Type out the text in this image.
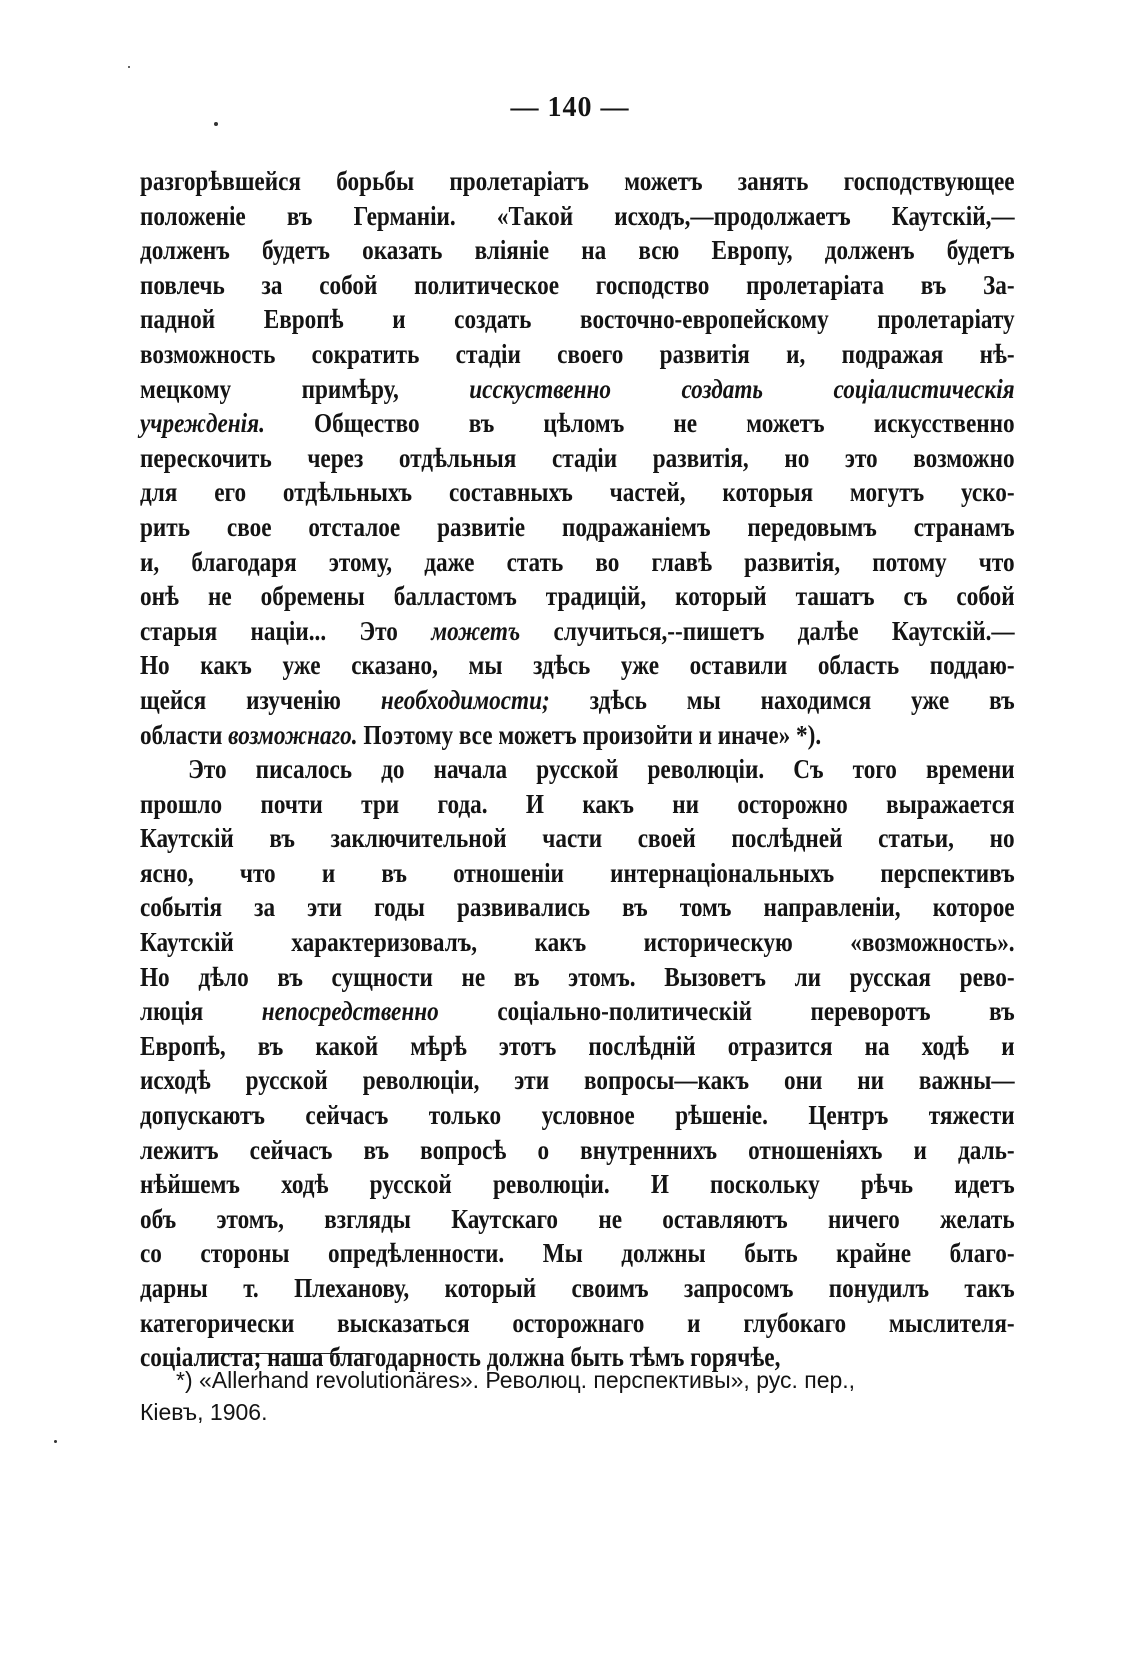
— 140 —
разгорѣвшейся борьбы пролетаріатъ можетъ занять господствующее
положеніе въ Германіи. «Такой исходъ,—продолжаетъ Каутскій,—
долженъ будетъ оказать вліяніе на всю Европу, долженъ будетъ
повлечь за собой политическое господство пролетаріата въ За-
падной Европѣ и создать восточно-европейскому пролетаріату
возможность сократить стадіи своего развитія и, подражая нѣ-
мецкому примѣру, исскуственно создать соціалистическія
учрежденія. Общество въ цѣломъ не можетъ искусственно
перескочить через отдѣльныя стадіи развитія, но это возможно
для его отдѣльныхъ составныхъ частей, которыя могутъ уско-
рить свое отсталое развитіе подражаніемъ передовымъ странамъ
и, благодаря этому, даже стать во главѣ развитія, потому что
онѣ не обремены балластомъ традицій, который ташатъ съ собой
старыя націи... Это можетъ случиться,--пишетъ далѣе Каутскій.—
Но какъ уже сказано, мы здѣсь уже оставили область поддаю-
щейся изученію необходимости; здѣсь мы находимся уже въ
области возможнаго. Поэтому все можетъ произойти и иначе» *).
Это писалось до начала русской революціи. Съ того времени
прошло почти три года. И какъ ни осторожно выражается
Каутскій въ заключительной части своей послѣдней статьи, но
ясно, что и въ отношеніи интернаціональныхъ перспективъ
событія за эти годы развивались въ томъ направленіи, которое
Каутскій характеризовалъ, какъ историческую «возможность».
Но дѣло въ сущности не въ этомъ. Вызоветъ ли русская рево-
люція непосредственно соціально-политическій переворотъ въ
Европѣ, въ какой мѣрѣ этотъ послѣдній отразится на ходѣ и
исходѣ русской революціи, эти вопросы—какъ они ни важны—
допускаютъ сейчасъ только условное рѣшеніе. Центръ тяжести
лежитъ сейчасъ въ вопросѣ о внутреннихъ отношеніяхъ и даль-
нѣйшемъ ходѣ русской революціи. И поскольку рѣчь идетъ
объ этомъ, взгляды Каутскаго не оставляютъ ничего желать
со стороны опредѣленности. Мы должны быть крайне благо-
дарны т. Плеханову, который своимъ запросомъ понудилъ такъ
категорически высказаться осторожнаго и глубокаго мыслителя-
соціалиста; наша благодарность должна быть тѣмъ горячѣе,
*) «Allerhand revolutionäres». Революц. перспективы», рус. пер.,
Кіевъ, 1906.
